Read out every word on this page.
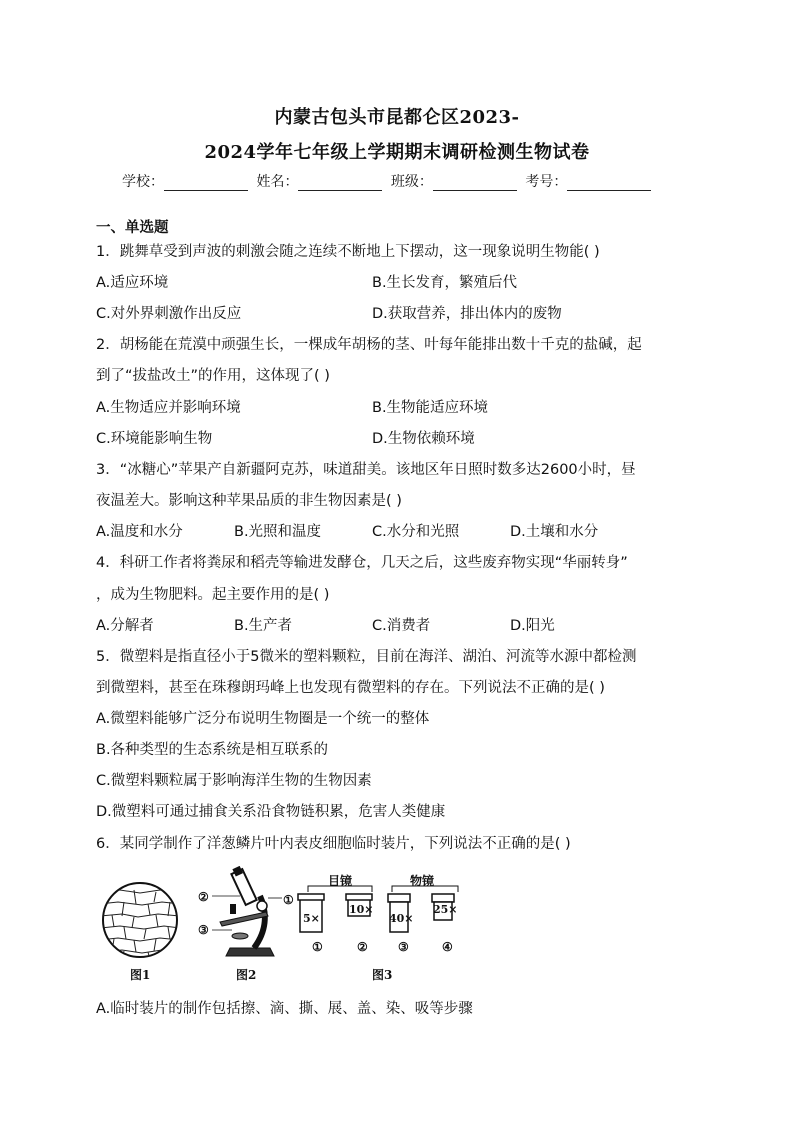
内蒙古包头市昆都仑区2023-
2024学年七年级上学期期末调研检测生物试卷
学校：	姓名：	班级：	考号：
一、单选题
1．跳舞草受到声波的刺激会随之连续不断地上下摆动，这一现象说明生物能( )
A.适应环境	B.生长发育，繁殖后代
C.对外界刺激作出反应	D.获取营养，排出体内的废物
2．胡杨能在荒漠中顽强生长，一棵成年胡杨的茎、叶每年能排出数十千克的盐碱，起
到了“拔盐改土”的作用，这体现了( )
A.生物适应并影响环境	B.生物能适应环境
C.环境能影响生物	D.生物依赖环境
3．“冰糖心”苹果产自新疆阿克苏，味道甜美。该地区年日照时数多达2600小时，昼
夜温差大。影响这种苹果品质的非生物因素是( )
A.温度和水分	B.光照和温度	C.水分和光照	D.土壤和水分
4．科研工作者将粪尿和稻壳等输进发酵仓，几天之后，这些废弃物实现“华丽转身”
，成为生物肥料。起主要作用的是( )
A.分解者	B.生产者	C.消费者	D.阳光
5．微塑料是指直径小于5微米的塑料颗粒，目前在海洋、湖泊、河流等水源中都检测
到微塑料，甚至在珠穆朗玛峰上也发现有微塑料的存在。下列说法不正确的是( )
A.微塑料能够广泛分布说明生物圈是一个统一的整体
B.各种类型的生态系统是相互联系的
C.微塑料颗粒属于影响海洋生物的生物因素
D.微塑料可通过捕食关系沿食物链积累，危害人类健康
6．某同学制作了洋葱鳞片叶内表皮细胞临时装片，下列说法不正确的是( )
图1
②	①
③
图2
目镜	物镜
5×
10×
40×
25×
①	②	③	④
图3
A.临时装片的制作包括擦、滴、撕、展、盖、染、吸等步骤
